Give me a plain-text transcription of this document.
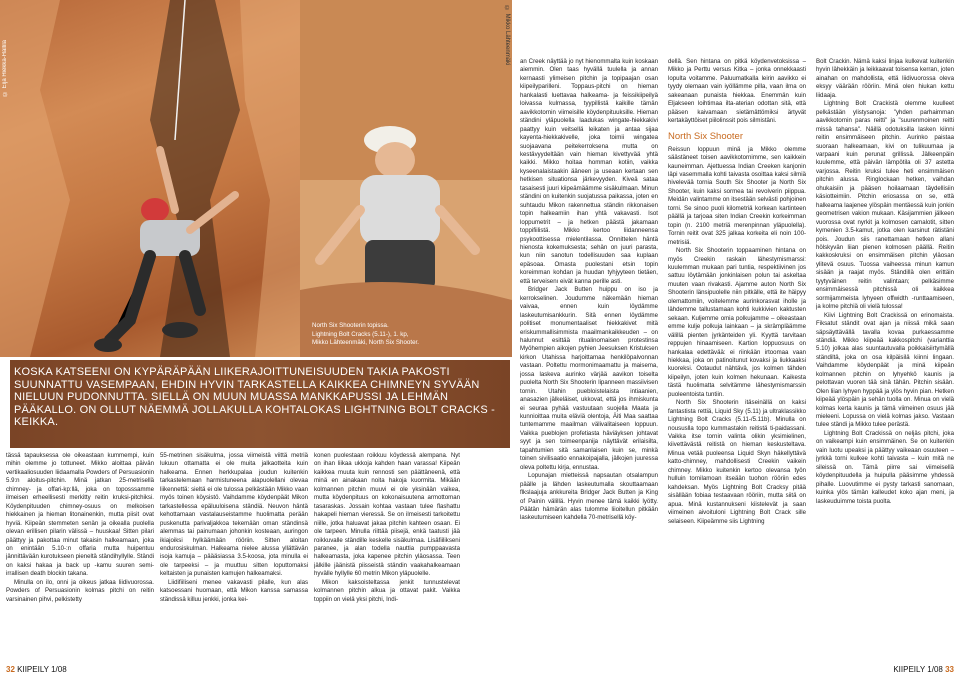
© Eija Hiekka-Hallila
© Mikko Lähteenmäki
North Six Shooterin topissa.
Lightning Bolt Cracks (5.11-), 1. kp,
Mikko Lähteenmäki, North Six Shooter.

KOSKA KATSEENI ON KYPÄRÄPÄÄN LIIKERAJOITTUNEISUUDEN TAKIA PAKOSTI SUUNNATTU VASEMPAAN, EHDIN HYVIN TARKASTELLA KAIKKEA CHIMNEYN SYVÄÄN NIELUUN PUDONNUTTA. SIELLÄ ON MUUN MUASSA MANKKAPUSSI JA LEHMÄN PÄÄKALLO. ON OLLUT NÄEMMÄ JOLLAKULLA KOHTALOKAS LIGHTNING BOLT CRACKS -KEIKKA.

tässä tapauksessa ole oikeastaan kummempi, kuin mihin olemme jo tottuneet. Mikko aloittaa päivän vertikaaliosuuden liidaamalla Powders of Persuasionin 5.9:n aloitus-pitchin. Minä jatkan 25-metrisellä chimney- ja offari-kp:llä, joka on toposssamme ilmeisen erheellisesti merkitty reitin kruksi-pitchiksi. Köydenpituuden chimney-osuus on melkoisen hiekkainen ja hieman litonainenkin, mutta piisit ovat hyviä. Kiipeän stemmeten senän ja oikealla puolella olevan erillisen pilarin välissä – huuskaa! Sitten pilari päättyy ja pakottaa minut takaisin halkeamaan, joka on enintään 5.10-:n offaria mutta huipentuu jännittävään kurotukseen pieneltä ständihyllylle. Ständi on kaksi hakaa ja back up -kamu suuren semi-irrallisen death blockin takana.

Minulla on ilo, onni ja oikeus jatkaa liidivuorossa. Powders of Persuasionin kolmas pitchi on reitin varsinainen pihvi, pelkistetty

55-metrinen sisäkulma, jossa viimeistä viittä metriä lukuun ottamatta ei ole muita jalkaotteita kuin halkeama. Ennen herkkupalaa joudun kuitenkin tarkastelemaan harmistuneena alapuolellani olevaa liikennettä: sieltä ei ole tulossa pelkästään Mikko vaan myös toinen köysistö. Vaihdamme köydenpäät Mikon tarkastellessa epäluuloisena ständiä. Neuvon häntä kehottamaan vastalauseistamme huolimatta perään puskenutta parivaljakkoa tekemään oman ständinsä alemmas tai painumaan johonkin kosteaan, auringon ikiajoiksi hylkäämään rööriin. Sitten aloitan endurosiskulman. Halkeama nielee alussa yllättävän isoja kamuja – päääsiassa 3.5-koosa, jota minulla ei ole tarpeeksi – ja muuttuu sitten loputtomaksi keltaisten ja punaisten kamujen halkeamaksi.

Liidifiiliseni menee vakavasti pilalle, kun alas katsoessani huomaan, että Mikon kanssa samassa ständissä killuu jenkki, jonka kei-

konen puolestaan roikkuu köydessä alempana. Nyt on ihan liikaa ukkoja kahden haan varassa! Kiipeän kaikkea muuta kuin rennosti sen päättäneenä, että minä en ainakaan noita hakoja kuormita. Mikään kolmannen pitchin muuvi ei ole yksinään vaikea, mutta köydenpituus on kokonaisuutena armottoman tasaraskas. Jossain kohtaa vastaan tulee flashattu hakapeli hieman vieressä. Se on ilmeisesti tarkoitettu niille, jotka haluavat jakaa pitchin kahteen osaan. Ei ole tarpeen. Minulla riittää piisejä, enkä taatusti jää roikkuvalle ständille keskelle sisäkulmaa. Lisäfiilikseni paranee, ja alan todella nauttia pumppaavasta halkeamasta, joka kapenee pitchin yläosassa. Teen jälkille jäänistä piisseistä ständin vaakahalkeamaan hyvälle hyllylle 60 metrin Mikon yläpuolelle.

Mikon kaksoisteltassa jenkit tunnustelevat kolmannen pitchin alkua ja ottavat pakit. Vaikka toppiin on vielä yksi pitchi, Indi-

an Creek näyttää jo nyt hienommalta kuin koskaan aiemmin. Olen taas hyvällä tuulella ja annan kernaasti ylimeisen pitchin ja topipaajan osan kiipeilyparilleni. Toppaus-pitchi on hieman hankalasti luettavaa halkeama- ja feissikiipeilyä loivassa kulmassa, tyypillistä kaikille tämän aavikkotornin viimeisille köydenpituuksille. Hieman ständini yläpuolella laadukas wingate-hiekkakivi paattyy kuin veitsellä leikaten ja antaa sijaa kayenta-hiekkakivelle, joka toimii wingatea suojaavana peitekerroksena mutta on kestävyydeltään vain hieman kivettyvää yhtä kaikki. Mikko hoitaa homman kotiin, vaikka kyseenalaistaakin ääneen ja useaan kertaan sen hetkisen situationsa järkevyyden. Kiveä sataa tasaisesti juuri kiipeämäämme sisäkulmaan. Minun ständini on kuitenkin suojatussa paikassa, joten en suhtaudu Mikon rakennettua ständin rikkonaisen topin halkeamiin ihan yhtä vakavasti. Isot loppumetrit – ja hetken päästä jakamaan toppifiilistä. Mikko kertoo liidanneensa psykoottisessa mielentilassa. Onnittelen häntä hienosta kokemuksesta; sehän on juuri parasta, kun niin sanotun todellisuuden saa kuplaan epäsoaa. Omasta puolestani etsin topin koreimman kohdan ja huudan tyhjyyteen tietäen, että terveisenı eivät kanna perille asti.

Bridger Jack Butten huippu on iso ja kerrokselinen. Joudumme näkemään hieman vaivaa, ennen kuin löydämme laskeutumisankkurin. Sitä ennen löydämme politiset monumentaaliset hiekkakivet mitä eriskummallisimmista maailmankaikkeuden – on halunnut esittää ritualinomaisen protestinsa Myöhempien aikojen pyhien Jeesuksen Kristuksen kirkon Utahissa harjoittamaa henkilöpalvonnan vastaan. Poltettu mormonimaamattu ja maisema, jossa laskeva aurinko värjää aavikon toiselta puolelta North Six Shooterin lipanneen massiivisen tornin. Utahin puebloistelaista intiaanien, anasazien jälkeläiset, ukkovat, että jos ihmiskunta ei seuraa pyhää vastuutaan suojella Maata ja kunnioittaa muita eläviä olentoja, Äiti Maa saattaa tuntemamme maailman välivalitaiseen loppuun. Vaikka pueblojen profetiasta häviäyksen johtavat syyt ja sen toimeenpanija näyttävät erilaisilta, tapahtumien sitä samanlaisen kuin se, minkä toinen sivilisaatio ennakoipajalla, jälkojen juuressa oleva poltettu kirja, ennustaa.

Lopunajan mietteissä napsautan otsalampun päälle ja lähden laskeutumalla skouttaamaan flkslaajuja ankkureita Bridger Jack Butten ja King of Painin välillä. Hyvin menee tämä kaikki lyötty. Päätän hämärän alas tulomme liioitellun pitkään laskeutumiseen kahdella 70-metrisellä köy-

dellä. Sen hintana on pitkä köydenvetoksissa – Mikko ja Perttu versus Kitka – jonka onnekkaasti lopulta voitamme. Paluumatkalla leirin aavikko ei tyydy olemaan vain iyöllämme pilla, vaan ilma on sakeanaan punaista hiekkaa. Enemmän kuin Eljakseen loihtimaa ilta-aterian odottan sitä, että pääsen kaivamaan sietämättömiksi ärtyvät kertakäyttöiset piilolinssit pois silmistäni.

North Six Shooter

Reissun loppuun minä ja Mikko olemme säästäneet toisen aavikkotornimme, sen kaikkein kauneimman. Ajettuessa Indian Creeken kanjonin läpi vasemmalla kohti taivasta osoittaa kaksi silmiä hivelevää tornia South Six Shooter ja North Six Shooter, kuin kaksi sormea tai revolverin piippua. Meidän valintamme on itsestään selvästi pohjoinen torni. Se sinoo puoli kilometriä korkean kartinteen päällä ja tarjoaa siten Indian Creekin korkeimman topin (n. 2100 metriä merenpinnan yläpuolella). Tornin reitit ovat 325 jalkaa korkeita eli noin 100-metrisiä.

North Six Shooterin toppaaminen hintana on myös Creekin raskain lähestymismarssi: kuulemman mukaan pari tuntia, respektiivinen jos sattuu löytämään jonkinlaisen polun tai askeltaa muuten vaan rivakasti. Ajamme auton North Six Shooterin länsipuolelle niin pitkälle, että ite häipyy olemattomiin, voitelemme aurinkorasvat iholle ja lähdemme tallustamaan kohti kukkivien kaktusten sekaan. Kuljemme omia polkujamme – oikeastaan emme kulje polkuja lainkaan – ja skrämpläämme välillä pienten jyrkänteiden yli. Kyyttä tarvitaan reppujen hinaamiseen. Kartion loppuosuus on hankalaa edettävää: ei riinkään irtoomaa vaan hiekkaa, joka on patinoitunut kovaksi ja liukkaaksi kuoreksi. Ootaudut nähtävä, jos kolmen tähden kiipeilyn, joten kuin kolmen hekunaan. Kaikesta tästä huolimatta selvitämme lähestymismarssin puoleentoista tuntiin.

North Six Shooterin itäseinällä on kaksi fantastista rettiä, Liquid Sky (5.11) ja ultraklassikko Lightning Bolt Cracks (5.11-/5.11b). Minulla on noususlla topo kummastakin reitistä ti-paidassani. Vaikka itse tornin valinta olikin yksimielinen, kiivettävästä reitistä on hieman keskusteltava. Minua vetää puoleensa Liquid Skyn häkellyttävä katto-chimney, mahdollisesti Creekin vaikein chimney. Mikko kuitenkin kertoo olevansa työn hulluin tornilamoan itseään tuohon rööriin edes kahdeksan. Myös Lightning Bolt Cracksy pitää sisällään fobiaa testaavaan rööriin, mutta siitä on apua. Minä kustannukseni kiistelevät ja saan viimeinen aivoituloni Lightning Bolt Crack sille selaiseen. Kiipeämme siis Lightning

Bolt Crackin. Nämä kaksi linjaa kulkevat kuitenkin hyvin lähekkäin ja leikkaavat toisensa kerran, joten ainahan on mahdollista, että liidivuorossa oleva eksyy väärään rööriin. Minä olen hiukan kettu liidaaja.

Lightning Bolt Crackistä olemme kuulleet pelkästään ylistysanoja: "yhden parhaimman aavikkotornin paras reitti" ja "suurenmoinen reitti missä tahansa". Näillä odotuksilla lasken kiinni reitin ensimmäiseen pitchin. Aurinko paistaa suoraan halkeamaan, kivi on tulikuumaa ja varpaani kuin perunat grillissä. Jälkeenpäin kuulemme, että päivän lämpötila oli 37 astetta varjossa. Reitin kruksi tulee heti ensimmäisen pitchin alussa. Ringlockaan hetken, vaihdan ohukaisiin ja pääsen hoilaamaan täydellisiin käsiotteimiin. Pitchin eriosassa on se, että halkeama laajenee ylöspäin mentäessä kuin jonkin geometrisen vakion mukaan. Käsijammien jälkeen vuorossa ovat nyrkit ja kolmosen camalotit, sitten kymenien 3.5-kamut, jotka olen karsinut rätistäni pois. Joudun siis ranettamaan hetken allani hölskyvän liian pienen kolmosen päällä. Reitin kakkoskruksi on ensimmäisen pitchin yläosan ylitevä osuus. Tuossa vaiheessa minun kamun sisään ja raajat myös. Ständillä olen erittäin tyytyväinen reitin valintaan; pelkäsimme ensimmäisessä pitchissä oli kaikkea sormijammeista lyhyeen offwidth -runttaamiseen, ja kolme pitchiä oli vielä tulossa!

Kiivi Lightning Bolt Crackissä on erinomaista. Fiksatut ständit ovat ajan ja niissä mikä saan säpsäyttävällä tavalla kovaa purkaessamme ständiä. Mikko kiipeää kakkospitchi (varianttia 5.10) jolkaa alas suuntautuvalla poikkaisiirtymällä ständiltä, joka on osa kilpäisilä kiinni lingaan. Vaihdamme köydenpäät ja minä kiipeän kolmannen pitchin on lyhyehkö kaunis ja pelottavan vuoren tää sinä tähän. Pitchin sisään. Olen liian lyhyen hyppää ja ylös hyvin pian. Hetken kiipeää ylöspäin ja sehän tuolla on. Minua on vielä kolmas kerta kaunis ja tämä viimeinen osuus jää mieleeni. Lopussa on vielä kolmas jakso. Vastaan tulee ständi ja Mikko tulee perästä.

Lightning Bolt Crackissä on neljäs pitchi, joka on vaikeampi kuin ensimmäinen. Se on kuitenkin vain luotu upeaksi ja päättyy vaikeaan osuuteen – jyrkkä torni kulkee kohti taivasta – kuin mitä ne sileissä on. Tämä piirre sai viimeisellä köydenpituudella ja huipulla pääsimme yhdessä pihalle. Luovutimme ei pysty tarkasti sanomaan, kuinka ylös tämän kalleudet koko ajan meni, ja laskeuduimme toista puolta.

32 KIIPEILY 1/08	KIIPEILY 1/08 33
